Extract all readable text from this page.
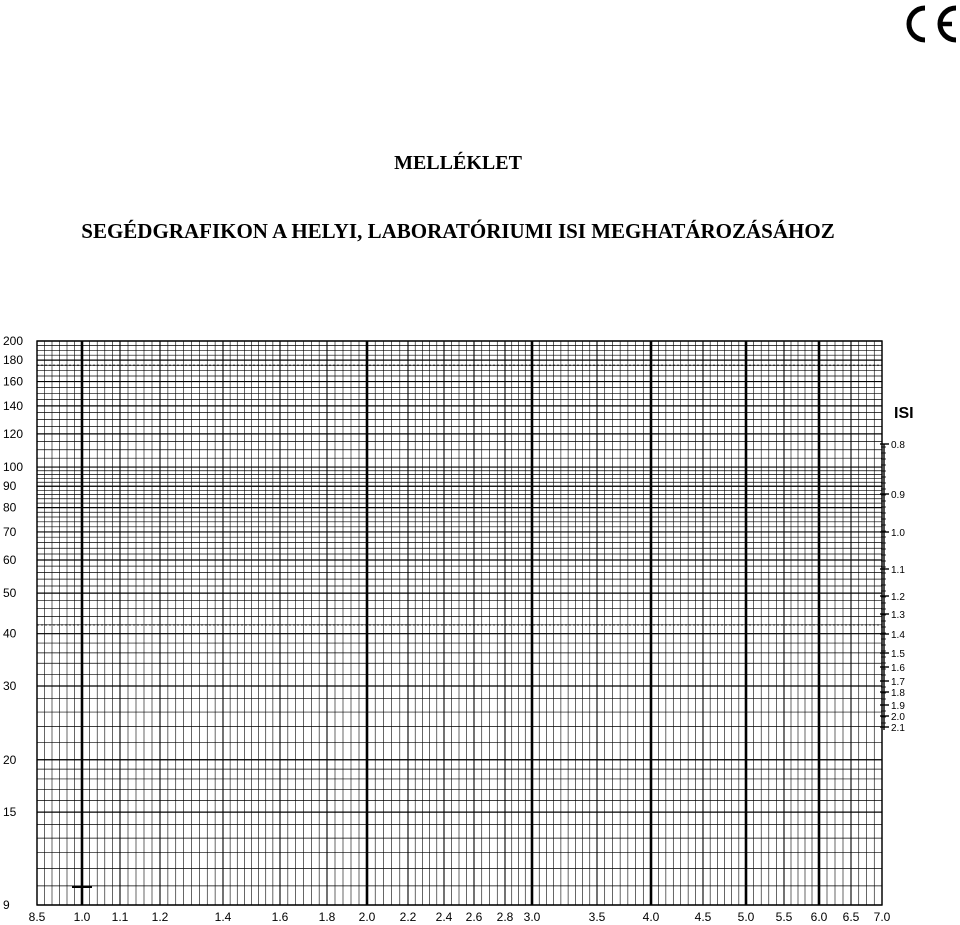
MELLÉKLET
SEGÉDGRAFIKON A HELYI, LABORATÓRIUMI ISI MEGHATÁROZÁSÁHOZ
200
180
160
140
120
100
90
80
70
60
50
40
30
20
15
9
8.5 1.0 1.1 1.2	1.4	1.6	1.8 2.0 2.2 2.4 2.6 2.8 3.0	3.5	4.0	4.5 5.0 5.5 6.0 6.5 7.0
ISI
0.8
0.9
1.0
1.1
1.2
1.3
1.4
1.5
1.6
1.7
1.8
1.9
2.0
2.1
